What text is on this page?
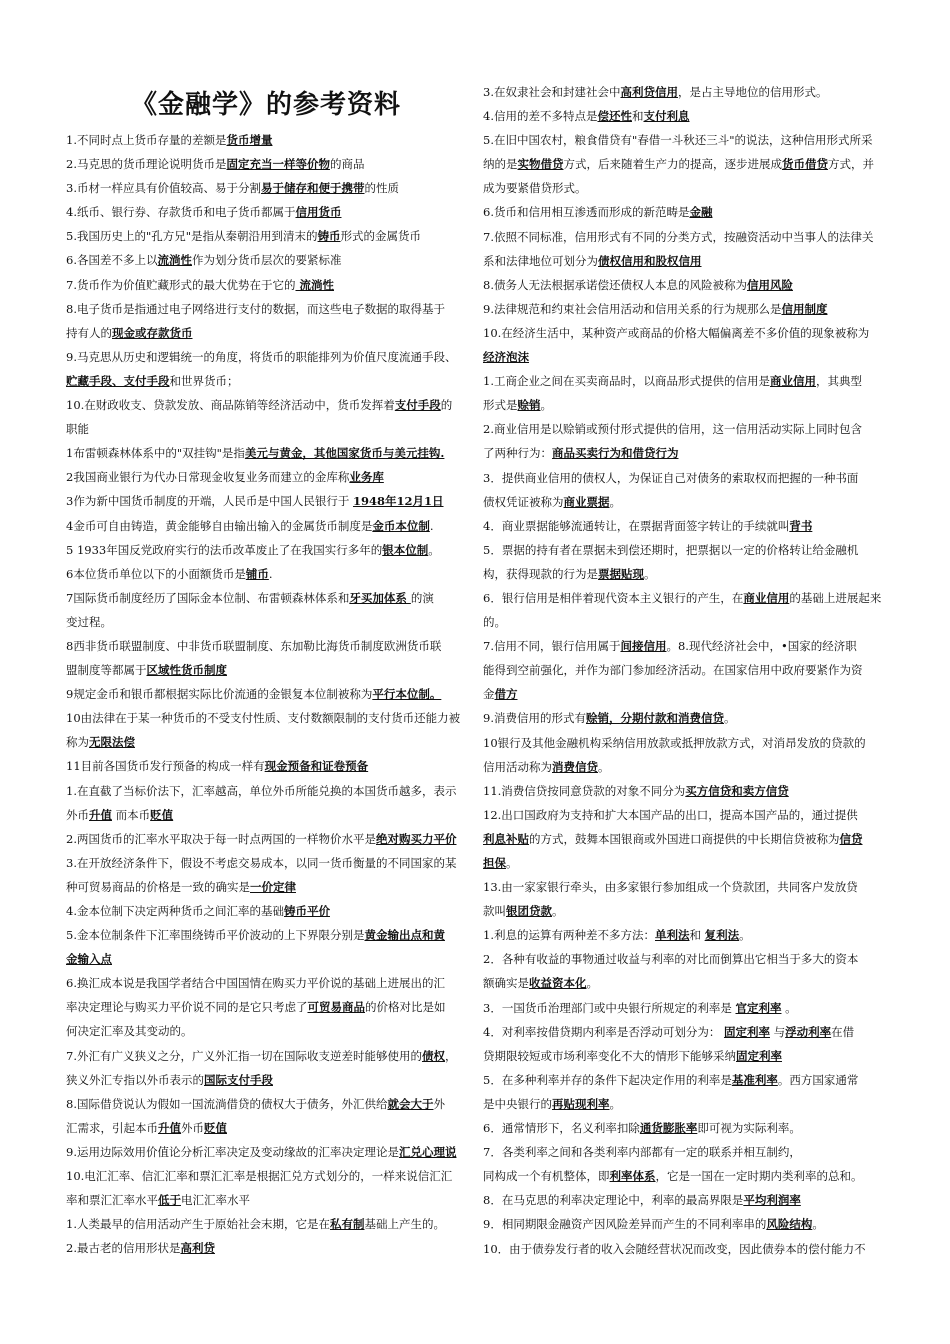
《金融学》的参考资料
1.不同时点上货币存量的差额是货币增量
2.马克思的货币理论说明货币是固定充当一样等价物的商品
3.币材一样应具有价值较高、易于分割易于储存和便于携带的性质
4.纸币、银行券、存款货币和电子货币都属于信用货币
5.我国历史上的"孔方兄"是指从秦朝沿用到清末的铸币形式的金属货币
6.各国差不多上以流淌性作为划分货币层次的要紧标准
7.货币作为价值贮藏形式的最大优势在于它的 流淌性
8.电子货币是指通过电子网络进行支付的数据，而这些电子数据的取得基于
持有人的现金或存款货币
9.马克思从历史和逻辑统一的角度，将货币的职能排列为价值尺度流通手段、
贮藏手段、支付手段和世界货币；
10.在财政收支、贷款发放、商品陈销等经济活动中，货币发挥着支付手段的
职能
1布雷顿森林体系中的"双挂钩"是指美元与黄金，其他国家货币与美元挂钩.
2我国商业银行为代办日常现金收复业务而建立的金库称业务库
3作为新中国货币制度的开端，人民币是中国人民银行于 1948年12月1日
4金币可自由铸造，黄金能够自由输出输入的金属货币制度是金币本位制.
5 1933年国反党政府实行的法币改革废止了在我国实行多年的银本位制。
6本位货币单位以下的小面额货币是铺币.
7国际货币制度经历了国际金本位制、布雷顿森林体系和牙买加体系 的演
变过程。
8西非货币联盟制度、中非货币联盟制度、东加勒比海货币制度欧洲货币联
盟制度等都属于区域性货币制度
9规定金币和银币都根据实际比价流通的金银复本位制被称为平行本位制。
10由法律在于某一种货币的不受支付性质、支付数额限制的支付货币还能力被
称为无限法偿
11目前各国货币发行预备的构成一样有现金预备和证卷预备
1.在直截了当标价法下，汇率越高，单位外币所能兑换的本国货币越多，表示
外币升值 而本币贬值
2.两国货币的汇率水平取决于每一时点两国的一样物价水平是绝对购买力平价
3.在开放经济条件下，假设不考虑交易成本，以同一货币衡量的不同国家的某
种可贸易商品的价格是一致的确实是一价定律
4.金本位制下决定两种货币之间汇率的基础铸币平价
5.金本位制条件下汇率围绕铸币平价波动的上下界限分别是黄金输出点和黄
金输入点
6.换汇成本说是我国学者结合中国国情在购买力平价说的基础上进展出的汇
率决定理论与购买力平价说不同的是它只考虑了可贸易商品的价格对比是如
何决定汇率及其变动的。
7.外汇有广义狭义之分，广义外汇指一切在国际收支逆差时能够使用的债权，
狭义外汇专指以外币表示的国际支付手段
8.国际借贷说认为假如一国流淌借贷的债权大于债务，外汇供给就会大于外
汇需求，引起本币升值外币贬值
9.运用边际效用价值论分析汇率决定及变动缘故的汇率决定理论是汇兑心理说
10.电汇汇率、信汇汇率和票汇汇率是根据汇兑方式划分的，一样来说信汇汇
率和票汇汇率水平低于电汇汇率水平
1.人类最早的信用活动产生于原始社会末期，它是在私有制基础上产生的。
2.最古老的信用形状是高利贷
3.在奴隶社会和封建社会中高利贷信用，是占主导地位的信用形式。
4.信用的差不多特点是偿还性和支付利息
5.在旧中国农村，粮食借贷有"春借一斗秋还三斗"的说法，这种信用形式所采
纳的是实物借贷方式，后来随着生产力的提高，逐步进展成货币借贷方式，并
成为要紧借贷形式。
6.货币和信用相互渗透而形成的新范畴是金融
7.依照不同标准，信用形式有不同的分类方式，按融资活动中当事人的法律关
系和法律地位可划分为债权信用和股权信用
8.债务人无法根据承诺偿还债权人本息的风险被称为信用风险
9.法律规范和约束社会信用活动和信用关系的行为规那么是信用制度
10.在经济生活中，某种资产或商品的价格大幅偏离差不多价值的现象被称为
经济泡沫
1.工商企业之间在买卖商品时，以商品形式提供的信用是商业信用，其典型
形式是赊销。
2.商业信用是以赊销或预付形式提供的信用，这一信用活动实际上同时包含
了两种行为：商品买卖行为和借贷行为
3．提供商业信用的债权人，为保证自己对债务的索取权而把握的一种书面
债权凭证被称为商业票据。
4．商业票据能够流通转让，在票据背面签字转让的手续就叫背书
5．票据的持有者在票据未到偿还期时，把票据以一定的价格转让给金融机
构，获得现款的行为是票据贴现。
6．银行信用是相伴着现代资本主义银行的产生，在商业信用的基础上进展起来
的。
7.信用不同，银行信用属于间接信用。8.现代经济社会中，•国家的经济职
能得到空前强化，并作为部门参加经济活动。在国家信用中政府要紧作为资
金借方
9.消费信用的形式有赊销，分期付款和消费信贷。
10银行及其他金融机构采纳信用放款或抵押放款方式，对消昂发放的贷款的
信用活动称为消费信贷。
11.消费信贷按同意贷款的对象不同分为买方信贷和卖方信贷
12.出口国政府为支持和扩大本国产品的出口，提高本国产品的，通过提供
利息补贴的方式，鼓舞本国银商或外国进口商提供的中长期信贷被称为信贷
担保。
13.由一家家银行牵头，由多家银行参加组成一个贷款团，共同客户发放贷
款叫银团贷款。
1.利息的运算有两种差不多方法：单利法和 复利法。
2．各种有收益的事物通过收益与利率的对比而倒算出它相当于多大的资本
额确实是收益资本化。
3．一国货币治理部门或中央银行所规定的利率是 官定利率 。
4．对利率按借贷期内利率是否浮动可划分为： 固定利率 与浮动利率在借
贷期限较短或市场利率变化不大的情形下能够采纳固定利率
5．在多种利率并存的条件下起决定作用的利率是基准利率。西方国家通常
是中央银行的再贴现利率。
6．通常情形下，名义利率扣除通货膨胀率即可视为实际利率。
7．各类利率之间和各类利率内部都有一定的联系并相互制约，
同构成一个有机整体，即利率体系，它是一国在一定时期内类利率的总和。
8．在马克思的利率决定理论中，利率的最高界限是平均利润率
9．相同期限金融资产因风险差异而产生的不同利率串的风险结构。
10．由于债券发行者的收入会随经营状况而改变，因此债券本的偿付能力不
